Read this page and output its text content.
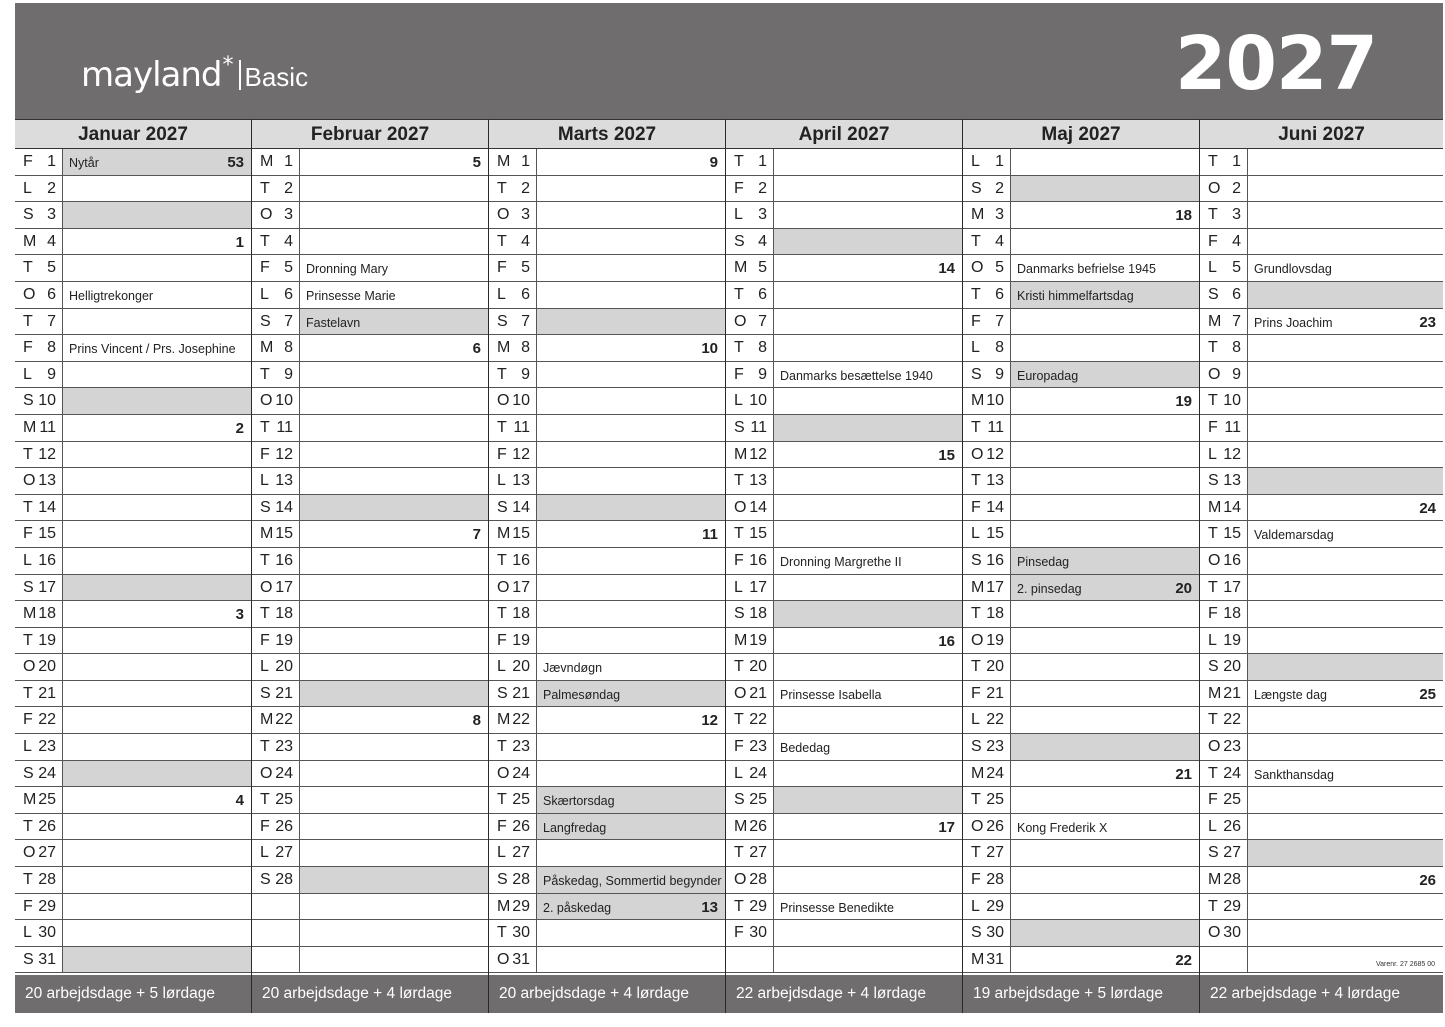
mayland* Basic	2027
Januar 2027
F 1	Nytår	53
L 2
S 3
M 4	1
T 5
O 6	Helligtrekonger
T 7
F 8	Prins Vincent / Prs. Josephine
L 9
S 10
M 11	2
T 12
O 13
T 14
F 15
L 16
S 17
M 18	3
T 19
O 20
T 21
F 22
L 23
S 24
M 25	4
T 26
O 27
T 28
F 29
L 30
S 31
20 arbejdsdage + 5 lørdage
Februar 2027
M 1	5
T 2
O 3
T 4
F 5	Dronning Mary
L 6	Prinsesse Marie
S 7	Fastelavn
M 8	6
T 9
O 10
T 11
F 12
L 13
S 14
M 15	7
T 16
O 17
T 18
F 19
L 20
S 21
M 22	8
T 23
O 24
T 25
F 26
L 27
S 28
20 arbejdsdage + 4 lørdage
Marts 2027
M 1	9
T 2
O 3
T 4
F 5
L 6
S 7
M 8	10
T 9
O 10
T 11
F 12
L 13
S 14
M 15	11
T 16
O 17
T 18
F 19
L 20	Jævndøgn
S 21	Palmesøndag
M 22	12
T 23
O 24
T 25	Skærtorsdag
F 26	Langfredag
L 27
S 28	Påskedag, Sommertid begynder
M 29	2. påskedag	13
T 30
O 31
20 arbejdsdage + 4 lørdage
April 2027
T 1
F 2
L 3
S 4
M 5	14
T 6
O 7
T 8
F 9	Danmarks besættelse 1940
L 10
S 11
M 12	15
T 13
O 14
T 15
F 16	Dronning Margrethe II
L 17
S 18
M 19	16
T 20
O 21	Prinsesse Isabella
T 22
F 23	Bededag
L 24
S 25
M 26	17
T 27
O 28
T 29	Prinsesse Benedikte
F 30
22 arbejdsdage + 4 lørdage
Maj 2027
L 1
S 2
M 3	18
T 4
O 5	Danmarks befrielse 1945
T 6	Kristi himmelfartsdag
F 7
L 8
S 9	Europadag
M 10	19
T 11
O 12
T 13
F 14
L 15
S 16	Pinsedag
M 17	2. pinsedag	20
T 18
O 19
T 20
F 21
L 22
S 23
M 24	21
T 25
O 26	Kong Frederik X
T 27
F 28
L 29
S 30
M 31	22
19 arbejdsdage + 5 lørdage
Juni 2027
T 1
O 2
T 3
F 4
L 5	Grundlovsdag
S 6
M 7	Prins Joachim	23
T 8
O 9
T 10
F 11
L 12
S 13
M 14	24
T 15	Valdemarsdag
O 16
T 17
F 18
L 19
S 20
M 21	Længste dag	25
T 22
O 23
T 24	Sankthansdag
F 25
L 26
S 27
M 28	26
T 29
O 30
Varenr. 27 2685 00
22 arbejdsdage + 4 lørdage
